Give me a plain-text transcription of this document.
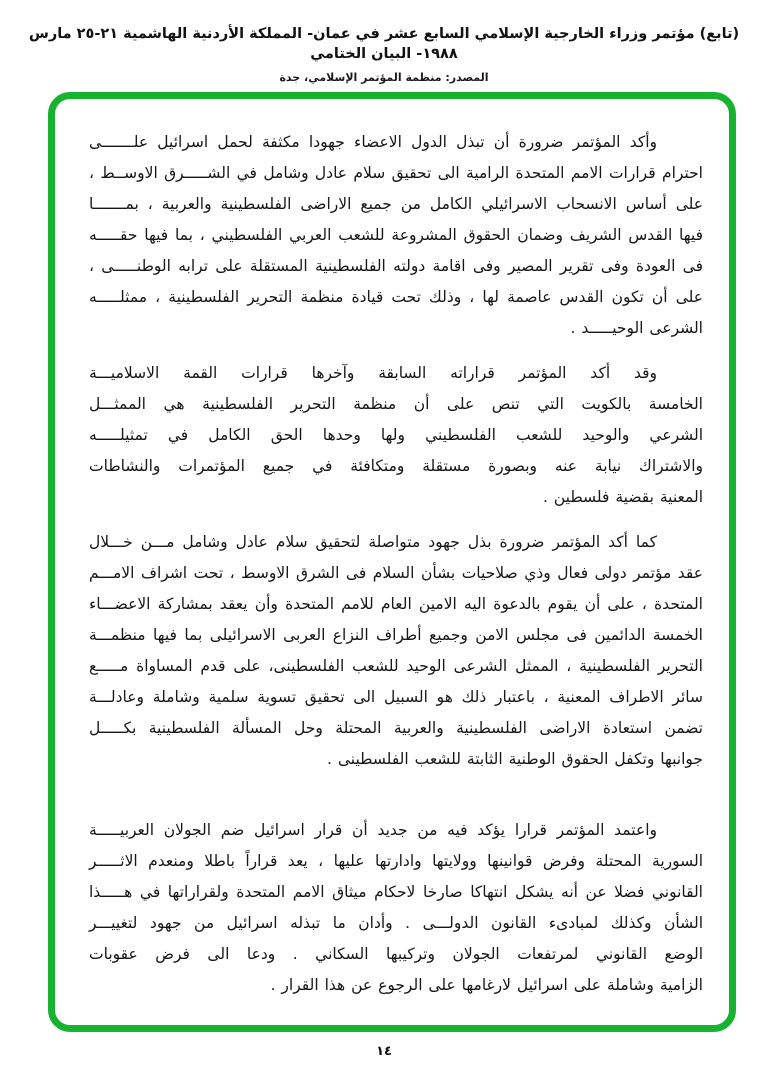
(تابع) مؤتمر وزراء الخارجية الإسلامي السابع عشر في عمان- المملكة الأردنية الهاشمية ٢١-٢٥ مارس ١٩٨٨- البيان الختامي
المصدر: منظمة المؤتمر الإسلامي، جدة
وأكد المؤتمر ضرورة أن تبذل الدول الاعضاء جهودا مكثفة لحمل اسرائيل علـــــــى
احترام قرارات الامم المتحدة الرامية الى تحقيق سلام عادل وشامل في الشـــــرق الاوســط ،
على أساس الانسحاب الاسرائيلي الكامل من جميع الاراضى الفلسطينية والعربية ، بمـــــــا
فيها القدس الشريف وضمان الحقوق المشروعة للشعب العربي الفلسطيني ، بما فيها حقـــــه
فى العودة وفى تقرير المصير وفى اقامة دولته الفلسطينية المستقلة على ترابه الوطنـــــى ،
على أن تكون القدس عاصمة لها ، وذلك تحت قيادة منظمة التحرير الفلسطينية ، ممثلـــــه
الشرعى الوحيـــــد .
وقد أكد المؤتمر قراراته السابقة وآخرها قرارات القمة الاسلاميـــة
الخامسة بالكويت التي تنص على أن منظمة التحرير الفلسطينية هي الممثـــل
الشرعي والوحيد للشعب الفلسطيني ولها وحدها الحق الكامل في تمثيلـــــه
والاشتراك نيابة عنه وبصورة مستقلة ومتكافئة في جميع المؤتمرات والنشاطات
المعنية بقضية فلسطين .
كما أكد المؤتمر ضرورة بذل جهود متواصلة لتحقيق سلام عادل وشامل مـــن خـــلال
عقد مؤتمر دولى فعال وذي صلاحيات بشأن السلام فى الشرق الاوسط ، تحت اشراف الامـــم
المتحدة ، على أن يقوم بالدعوة اليه الامين العام للامم المتحدة وأن يعقد بمشاركة الاعضـــاء
الخمسة الدائمين فى مجلس الامن وجميع أطراف النزاع العربى الاسرائيلى بما فيها منظمـــة
التحرير الفلسطينية ، الممثل الشرعى الوحيد للشعب الفلسطينى، على قدم المساواة مـــــع
سائر الاطراف المعنية ، باعتبار ذلك هو السبيل الى تحقيق تسوية سلمية وشاملة وعادلـــة
تضمن استعادة الاراضى الفلسطينية والعربية المحتلة وحل المسألة الفلسطينية بكـــــل
جوانبها وتكفل الحقوق الوطنية الثابتة للشعب الفلسطينى .
واعتمد المؤتمر قرارا يؤكد فيه من جديد أن قرار اسرائيل ضم الجولان العربيـــــة
السورية المحتلة وفرض قوانينها وولايتها وادارتها عليها ، يعد قراراً باطلا ومنعدم الاثـــــر
القانوني فضلا عن أنه يشكل انتهاكا صارخا لاحكام ميثاق الامم المتحدة ولقراراتها في هـــــذا
الشأن وكذلك لمبادىء القانون الدولـــى . وأدان ما تبذله اسرائيل من جهود لتغييـــر
الوضع القانوني لمرتفعات الجولان وتركيبها السكاني . ودعا الى فرض عقوبات
الزامية وشاملة على اسرائيل لارغامها على الرجوع عن هذا القرار .
١٤
